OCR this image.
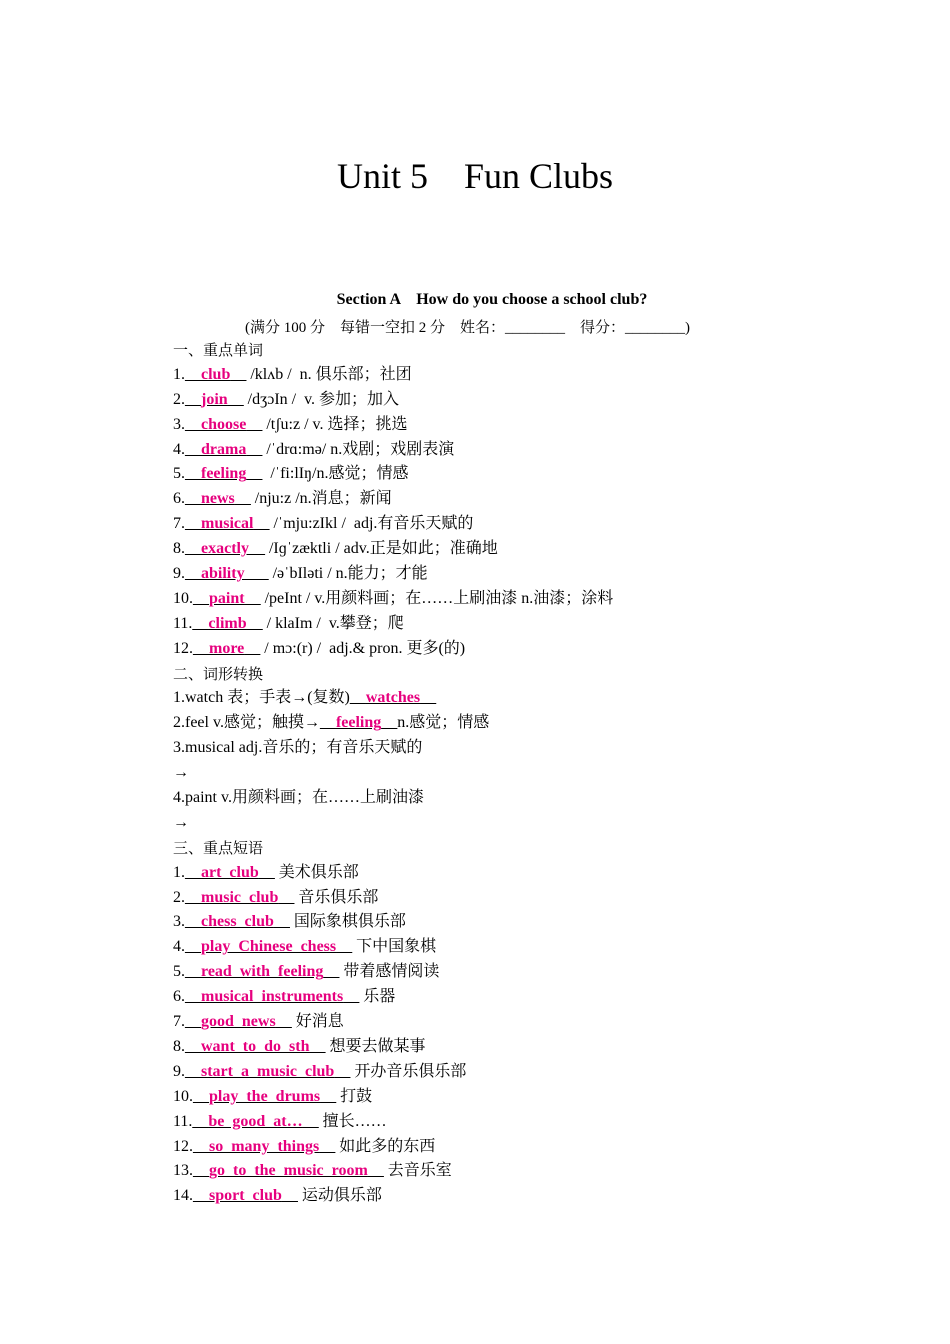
Unit 5    Fun Clubs
Section A    How do you choose a school club?
(满分 100 分    每错一空扣 2 分    姓名：________    得分：________)
一、重点单词
1.__club__ /klʌb /  n. 俱乐部；社团
2.__join__ /dʒɔIn /  v. 参加；加入
3.__choose__ /tʃu:z / v. 选择；挑选
4.__drama__ /ˈdrɑ:mə/ n.戏剧；戏剧表演
5.__feeling__  /ˈfi:lIŋ/n.感觉；情感
6.__news__ /nju:z /n.消息；新闻
7.__musical__ /ˈmju:zIkl /  adj.有音乐天赋的
8.__exactly__ /Iɡˈzæktli / adv.正是如此；准确地
9.__ability___ /əˈbIləti / n.能力；才能
10.__paint__ /peInt / v.用颜料画；在……上刷油漆 n.油漆；涂料
11.__climb__ / klaIm /  v.攀登；爬
12.__more__ / mɔ:(r) /  adj.& pron. 更多(的)
二、词形转换
1.watch 表；手表→(复数)__watches__
2.feel v.感觉；触摸→__feeling__n.感觉；情感
3.musical adj.音乐的；有音乐天赋的
→
4.paint v.用颜料画；在……上刷油漆
→
三、重点短语
1.__art  club__ 美术俱乐部
2.__music  club__ 音乐俱乐部
3.__chess  club__ 国际象棋俱乐部
4.__play  Chinese  chess__ 下中国象棋
5.__read  with  feeling__ 带着感情阅读
6.__musical  instruments__ 乐器
7.__good  news__ 好消息
8.__want  to  do  sth__ 想要去做某事
9.__start  a  music  club__ 开办音乐俱乐部
10.__play  the  drums__ 打鼓
11.__be  good  at…__ 擅长……
12.__so  many  things__ 如此多的东西
13.__go  to  the  music  room__ 去音乐室
14.__sport  club__ 运动俱乐部
